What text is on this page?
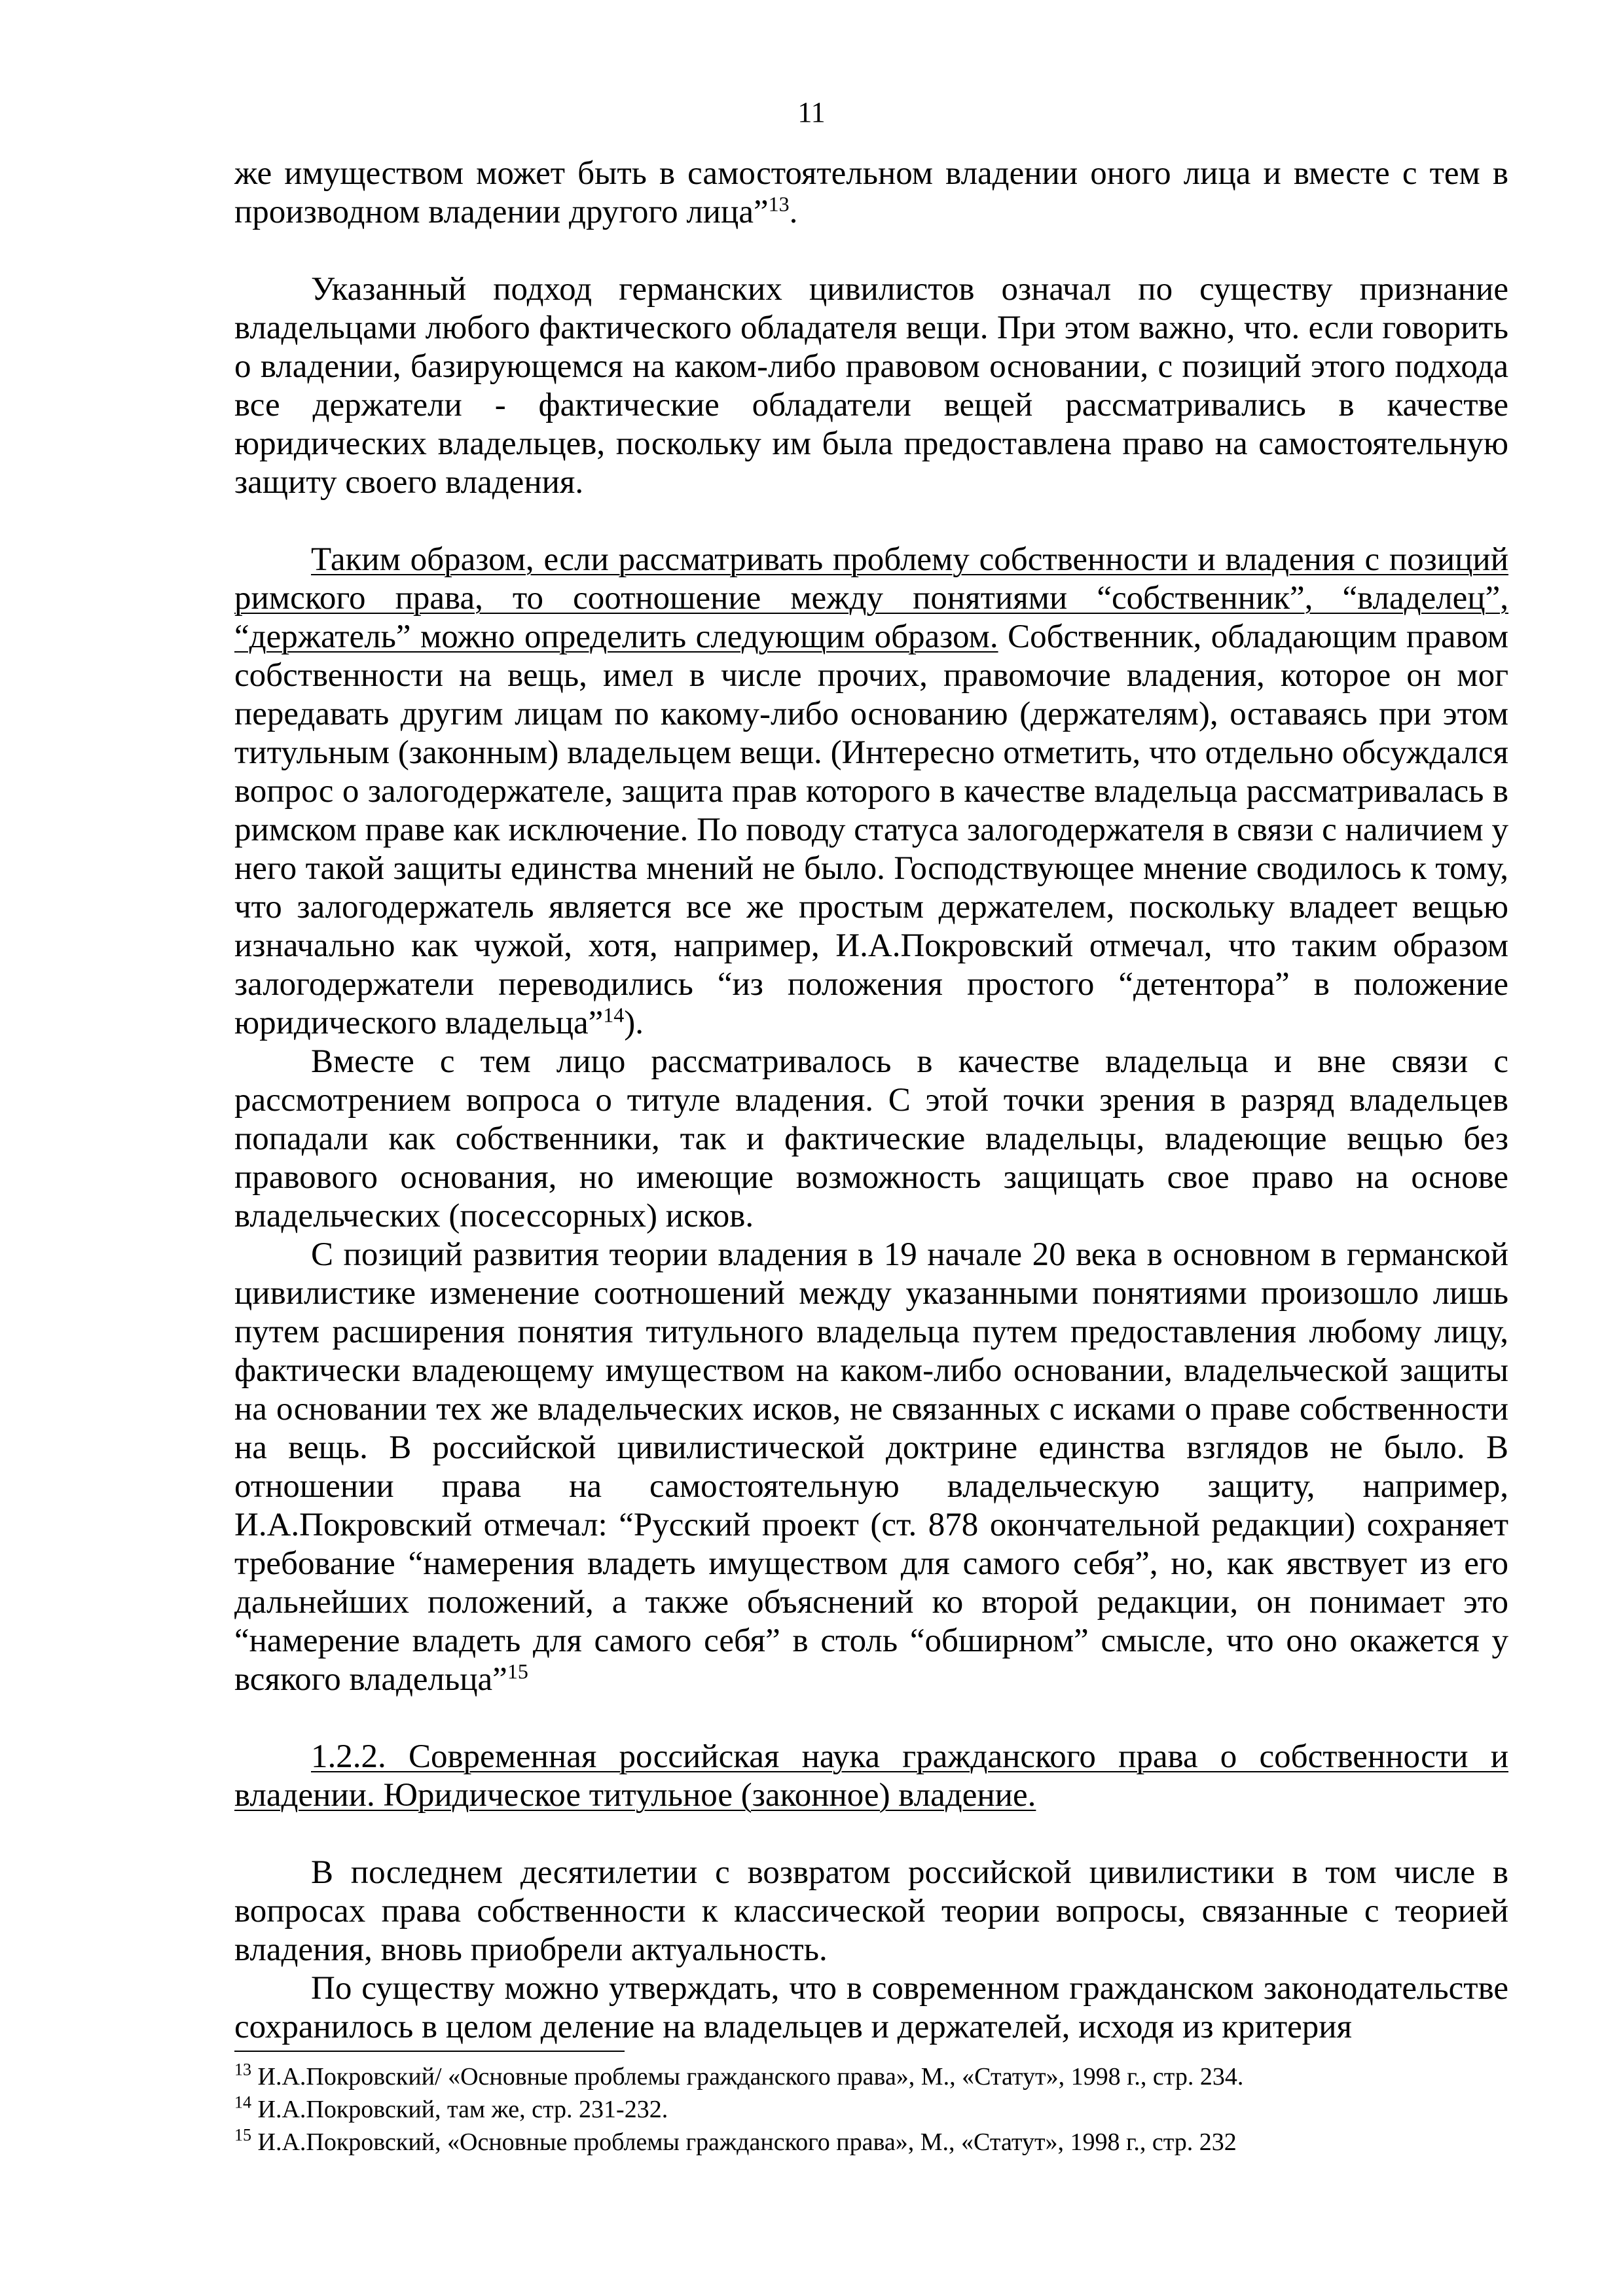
11

же имуществом может быть в самостоятельном владении оного лица и вместе с тем в производном владении другого лица”$^{13}$.

Указанный подход германских цивилистов означал по существу признание владельцами любого фактического обладателя вещи. При этом важно, что. если говорить о владении, базирующемся на каком-либо правовом основании, с позиций этого подхода все держатели - фактические обладатели вещей рассматривались в качестве юридических владельцев, поскольку им была предоставлена право на самостоятельную защиту своего владения.

Таким образом, если рассматривать проблему собственности и владения с позиций римского права, то соотношение между понятиями “собственник”, “владелец”, “держатель” можно определить следующим образом. Собственник, обладающим правом собственности на вещь, имел в числе прочих, правомочие владения, которое он мог передавать другим лицам по какому-либо основанию (держателям), оставаясь при этом титульным (законным) владельцем вещи. (Интересно отметить, что отдельно обсуждался вопрос о залогодержателе, защита прав которого в качестве владельца рассматривалась в римском праве как исключение. По поводу статуса залогодержателя в связи с наличием у него такой защиты единства мнений не было. Господствующее мнение сводилось к тому, что залогодержатель является все же простым держателем, поскольку владеет вещью изначально как чужой, хотя, например, И.А.Покровский отмечал, что таким образом залогодержатели переводились “из положения простого “детентора” в положение юридического владельца”$^{14}$).

Вместе с тем лицо рассматривалось в качестве владельца и вне связи с рассмотрением вопроса о титуле владения. С этой точки зрения в разряд владельцев попадали как собственники, так и фактические владельцы, владеющие вещью без правового основания, но имеющие возможность защищать свое право на основе владельческих (посессорных) исков.

С позиций развития теории владения в 19 начале 20 века в основном в германской цивилистике изменение соотношений между указанными понятиями произошло лишь путем расширения понятия титульного владельца путем предоставления любому лицу, фактически владеющему имуществом на каком-либо основании, владельческой защиты на основании тех же владельческих исков, не связанных с исками о праве собственности на вещь. В российской цивилистической доктрине единства взглядов не было. В отношении права на самостоятельную владельческую защиту, например, И.А.Покровский отмечал: “Русский проект (ст. 878 окончательной редакции) сохраняет требование “намерения владеть имуществом для самого себя”, но, как явствует из его дальнейших положений, а также объяснений ко второй редакции, он понимает это “намерение владеть для самого себя” в столь “обширном” смысле, что оно окажется у всякого владельца”$^{15}$

1.2.2. Современная российская наука гражданского права о собственности и владении. Юридическое титульное (законное) владение.

В последнем десятилетии с возвратом российской цивилистики в том числе в вопросах права собственности к классической теории вопросы, связанные с теорией владения, вновь приобрели актуальность.

По существу можно утверждать, что в современном гражданском законодательстве сохранилось в целом деление на владельцев и держателей, исходя из критерия

$^{13}$ И.А.Покровский/ «Основные проблемы гражданского права», М., «Статут», 1998 г., стр. 234.

$^{14}$ И.А.Покровский, там же, стр. 231-232.

$^{15}$ И.А.Покровский, «Основные проблемы гражданского права», М., «Статут», 1998 г., стр. 232
